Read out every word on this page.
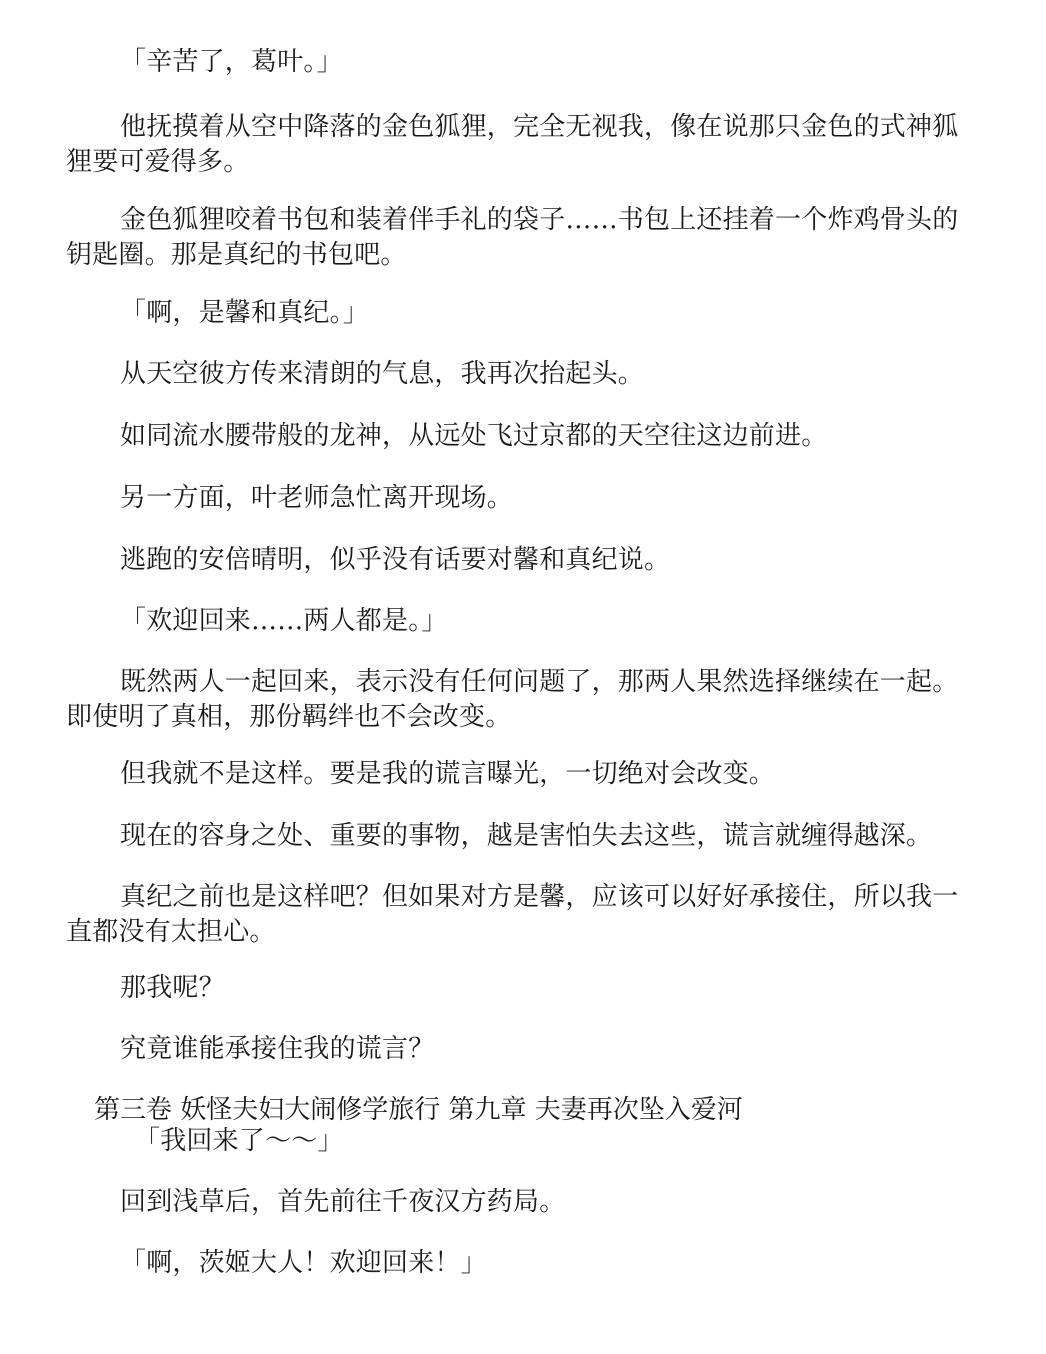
「辛苦了，葛叶。」

他抚摸着从空中降落的金色狐狸，完全无视我，像在说那只金色的式神狐狸要可爱得多。

金色狐狸咬着书包和装着伴手礼的袋子……书包上还挂着一个炸鸡骨头的钥匙圈。那是真纪的书包吧。

「啊，是馨和真纪。」

从天空彼方传来清朗的气息，我再次抬起头。

如同流水腰带般的龙神，从远处飞过京都的天空往这边前进。

另一方面，叶老师急忙离开现场。

逃跑的安倍晴明，似乎没有话要对馨和真纪说。

「欢迎回来……两人都是。」

既然两人一起回来，表示没有任何问题了，那两人果然选择继续在一起。即使明了真相，那份羁绊也不会改变。

但我就不是这样。要是我的谎言曝光，一切绝对会改变。

现在的容身之处、重要的事物，越是害怕失去这些，谎言就缠得越深。

真纪之前也是这样吧？但如果对方是馨，应该可以好好承接住，所以我一直都没有太担心。

那我呢？

究竟谁能承接住我的谎言？

第三卷 妖怪夫妇大闹修学旅行 第九章 夫妻再次坠入爱河

「我回来了～～」

回到浅草后，首先前往千夜汉方药局。

「啊，茨姬大人！欢迎回来！」
